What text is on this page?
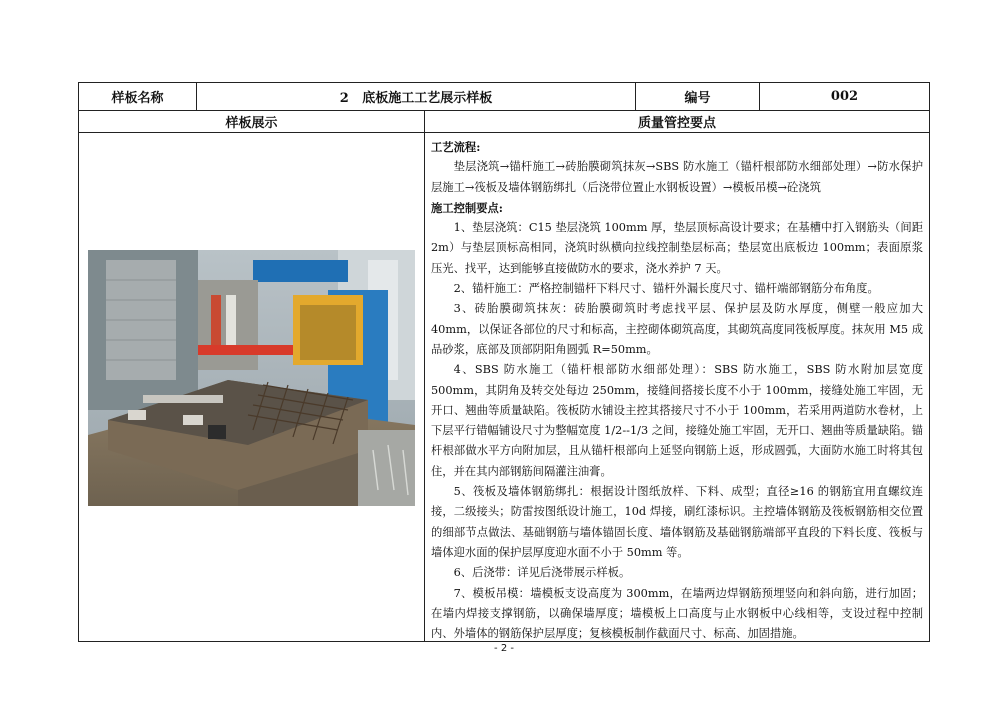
样板名称	2   底板施工工艺展示样板	编号	002
样板展示	质量管控要点

工艺流程:

垫层浇筑→锚杆施工→砖胎膜砌筑抹灰→SBS 防水施工（锚杆根部防水细部处理）→防水保护层施工→筏板及墙体钢筋绑扎（后浇带位置止水钢板设置）→模板吊模→砼浇筑

施工控制要点:

1、垫层浇筑：C15 垫层浇筑 100mm 厚，垫层顶标高设计要求；在基槽中打入钢筋头（间距 2m）与垫层顶标高相同，浇筑时纵横向拉线控制垫层标高；垫层宽出底板边 100mm；表面原浆压光、找平，达到能够直接做防水的要求，浇水养护 7 天。

2、锚杆施工：严格控制锚杆下料尺寸、锚杆外漏长度尺寸、锚杆端部钢筋分布角度。

3、砖胎膜砌筑抹灰：砖胎膜砌筑时考虑找平层、保护层及防水厚度，侧壁一般应加大 40mm，以保证各部位的尺寸和标高，主控砌体砌筑高度，其砌筑高度同筏板厚度。抹灰用 M5 成品砂浆，底部及顶部阴阳角圆弧 R=50mm。

4、SBS 防水施工（锚杆根部防水细部处理）：SBS 防水施工，SBS 防水附加层宽度 500mm，其阴角及转交处每边 250mm，接缝间搭接长度不小于 100mm，接缝处施工牢固，无开口、翘曲等质量缺陷。筏板防水铺设主控其搭接尺寸不小于 100mm，若采用两道防水卷材，上下层平行错幅铺设尺寸为整幅宽度 1/2--1/3 之间，接缝处施工牢固，无开口、翘曲等质量缺陷。锚杆根部做水平方向附加层，且从锚杆根部向上延竖向钢筋上返，形成圆弧，大面防水施工时将其包住，并在其内部钢筋间隔灌注油膏。

5、筏板及墙体钢筋绑扎：根据设计图纸放样、下料、成型；直径≥16 的钢筋宜用直螺纹连接，二级接头；防雷按图纸设计施工，10d 焊接，刷红漆标识。主控墙体钢筋及筏板钢筋相交位置的细部节点做法、基础钢筋与墙体锚固长度、墙体钢筋及基础钢筋端部平直段的下料长度、筏板与墙体迎水面的保护层厚度迎水面不小于 50mm 等。

6、后浇带：详见后浇带展示样板。

7、模板吊模：墙模板支设高度为 300mm，在墙两边焊钢筋预埋竖向和斜向筋，进行加固；在墙内焊接支撑钢筋，以确保墙厚度；墙模板上口高度与止水钢板中心线相等，支设过程中控制内、外墙体的钢筋保护层厚度；复核模板制作截面尺寸、标高、加固措施。

- 2 -
